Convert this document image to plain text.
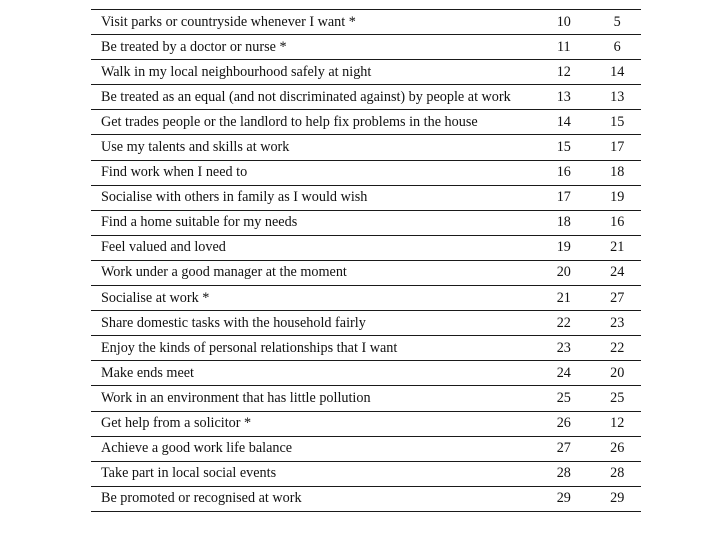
Visit parks or countryside whenever I want *	10	5
Be treated by a doctor or nurse *	11	6
Walk in my local neighbourhood safely at night	12	14
Be treated as an equal (and not discriminated against) by people at work	13	13
Get trades people or the landlord to help fix problems in the house	14	15
Use my talents and skills at work	15	17
Find work when I need to	16	18
Socialise with others in family as I would wish	17	19
Find a home suitable for my needs	18	16
Feel valued and loved	19	21
Work under a good manager at the moment	20	24
Socialise at work *	21	27
Share domestic tasks with the household fairly	22	23
Enjoy the kinds of personal relationships that I want	23	22
Make ends meet	24	20
Work in an environment that has little pollution	25	25
Get help from a solicitor *	26	12
Achieve a good work life balance	27	26
Take part in local social events	28	28
Be promoted or recognised at work	29	29
